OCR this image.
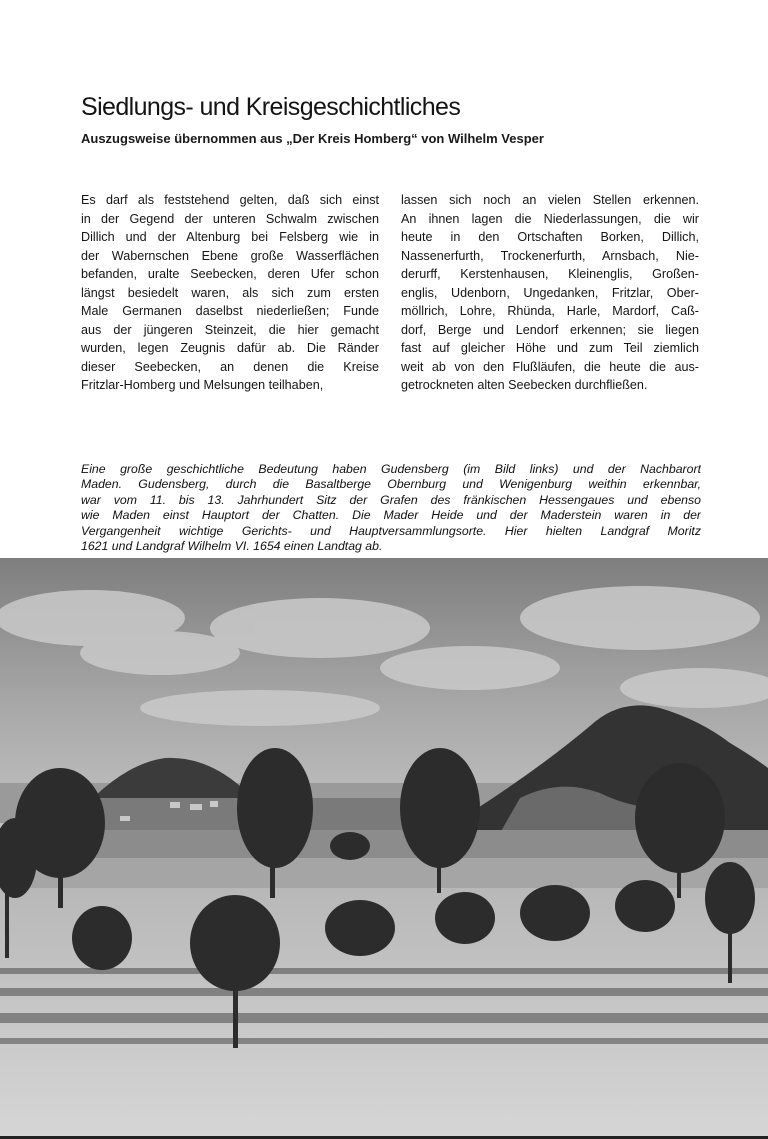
Siedlungs- und Kreisgeschichtliches
Auszugsweise übernommen aus „Der Kreis Homberg“ von Wilhelm Vesper
Es darf als feststehend gelten, daß sich einst
in der Gegend der unteren Schwalm zwischen
Dillich und der Altenburg bei Felsberg wie in
der Wabernschen Ebene große Wasserflächen
befanden, uralte Seebecken, deren Ufer schon
längst besiedelt waren, als sich zum ersten
Male Germanen daselbst niederließen; Funde
aus der jüngeren Steinzeit, die hier gemacht
wurden, legen Zeugnis dafür ab. Die Ränder
dieser Seebecken, an denen die Kreise
Fritzlar-Homberg und Melsungen teilhaben,
lassen sich noch an vielen Stellen erkennen.
An ihnen lagen die Niederlassungen, die wir
heute in den Ortschaften Borken, Dillich,
Nassenerfurth, Trockenerfurth, Arnsbach, Nie-
derurff, Kerstenhausen, Kleinenglis, Großen-
englis, Udenborn, Ungedanken, Fritzlar, Ober-
möllrich, Lohre, Rhünda, Harle, Mardorf, Caß-
dorf, Berge und Lendorf erkennen; sie liegen
fast auf gleicher Höhe und zum Teil ziemlich
weit ab von den Flußläufen, die heute die aus-
getrockneten alten Seebecken durchfließen.
Eine große geschichtliche Bedeutung haben Gudensberg (im Bild links) und der Nachbarort
Maden. Gudensberg, durch die Basaltberge Obernburg und Wenigenburg weithin erkennbar,
war vom 11. bis 13. Jahrhundert Sitz der Grafen des fränkischen Hessengaues und ebenso
wie Maden einst Hauptort der Chatten. Die Mader Heide und der Maderstein waren in der
Vergangenheit wichtige Gerichts- und Hauptversammlungsorte. Hier hielten Landgraf Moritz
1621 und Landgraf Wilhelm VI. 1654 einen Landtag ab.
